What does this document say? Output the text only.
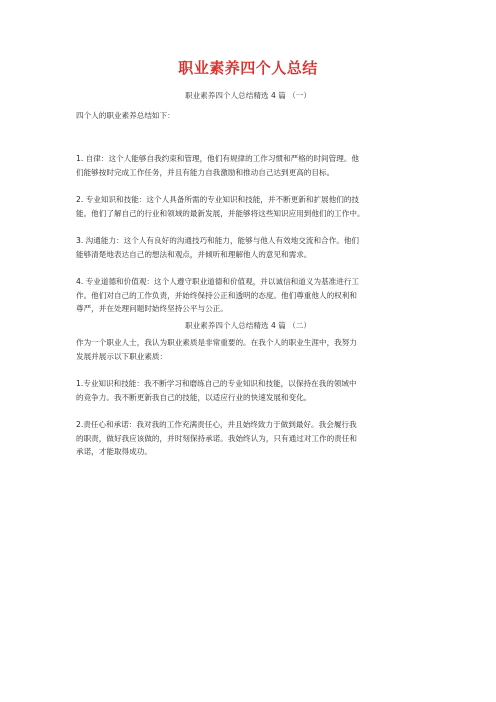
职业素养四个人总结
职业素养四个人总结精选 4 篇 （一）

四个人的职业素养总结如下：

1. 自律：这个人能够自我约束和管理，他们有规律的工作习惯和严格的时间管理。他
们能够按时完成工作任务，并且有能力自我激励和推动自己达到更高的目标。

2. 专业知识和技能：这个人具备所需的专业知识和技能，并不断更新和扩展他们的技
能。他们了解自己的行业和领域的最新发展，并能够将这些知识应用到他们的工作中。

3. 沟通能力：这个人有良好的沟通技巧和能力，能够与他人有效地交流和合作。他们
能够清楚地表达自己的想法和观点，并倾听和理解他人的意见和需求。

4. 专业道德和价值观：这个人遵守职业道德和价值观，并以诚信和道义为基准进行工
作。他们对自己的工作负责，并始终保持公正和透明的态度。他们尊重他人的权利和
尊严，并在处理问题时始终坚持公平与公正。

职业素养四个人总结精选 4 篇 （二）

作为一个职业人士，我认为职业素质是非常重要的。在我个人的职业生涯中，我努力
发展并展示以下职业素质：

1.专业知识和技能：我不断学习和磨练自己的专业知识和技能，以保持在我的领域中
的竞争力。我不断更新我自己的技能，以适应行业的快速发展和变化。

2.责任心和承诺：我对我的工作充满责任心，并且始终致力于做到最好。我会履行我
的职责，做好我应该做的，并时刻保持承诺。我始终认为，只有通过对工作的责任和
承诺，才能取得成功。
